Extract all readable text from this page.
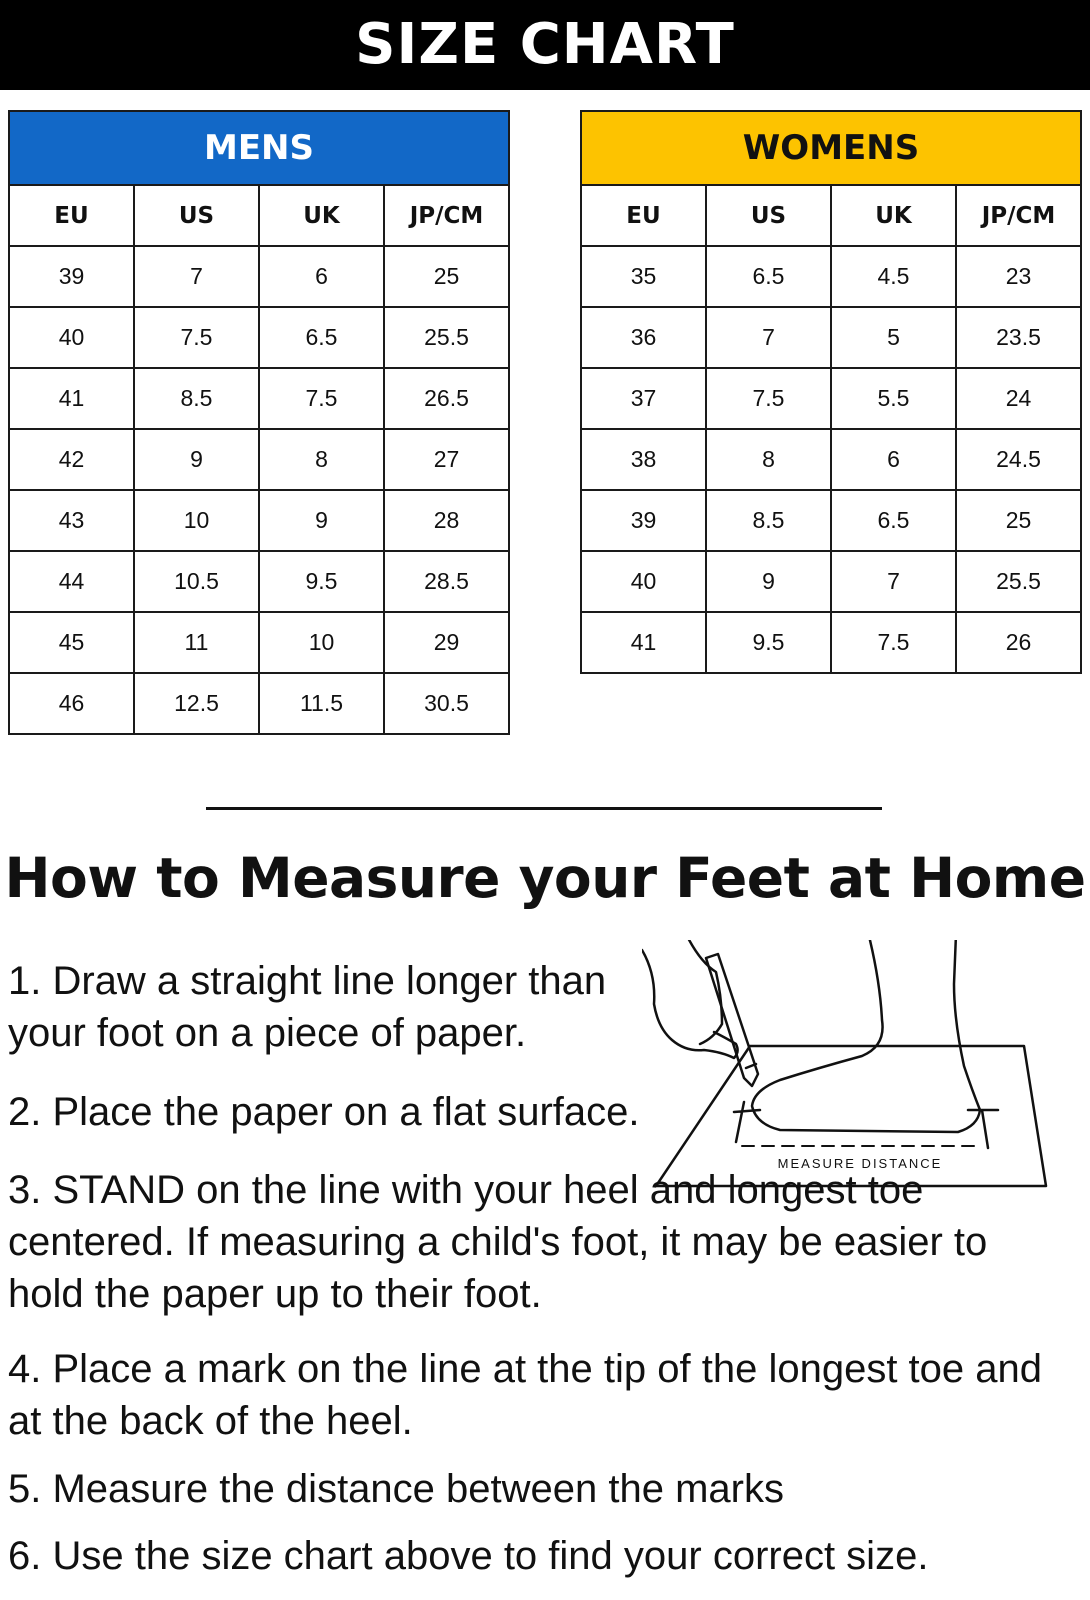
SIZE CHART
MENS			
EU	US	UK	JP/CM
39	7	6	25
40	7.5	6.5	25.5
41	8.5	7.5	26.5
42	9	8	27
43	10	9	28
44	10.5	9.5	28.5
45	11	10	29
46	12.5	11.5	30.5
WOMENS			
EU	US	UK	JP/CM
35	6.5	4.5	23
36	7	5	23.5
37	7.5	5.5	24
38	8	6	24.5
39	8.5	6.5	25
40	9	7	25.5
41	9.5	7.5	26
How to Measure your Feet at Home

1. Draw a straight line longer than your foot on a piece of paper.

2. Place the paper on a flat surface.

3. STAND on the line with your heel and longest toe centered. If measuring a child's foot, it may be easier to hold the paper up to their foot.

4. Place a mark on the line at the tip of the longest toe and at the back of the heel.

5. Measure the distance between the marks

6. Use the size chart above to find your correct size.

MEASURE DISTANCE
